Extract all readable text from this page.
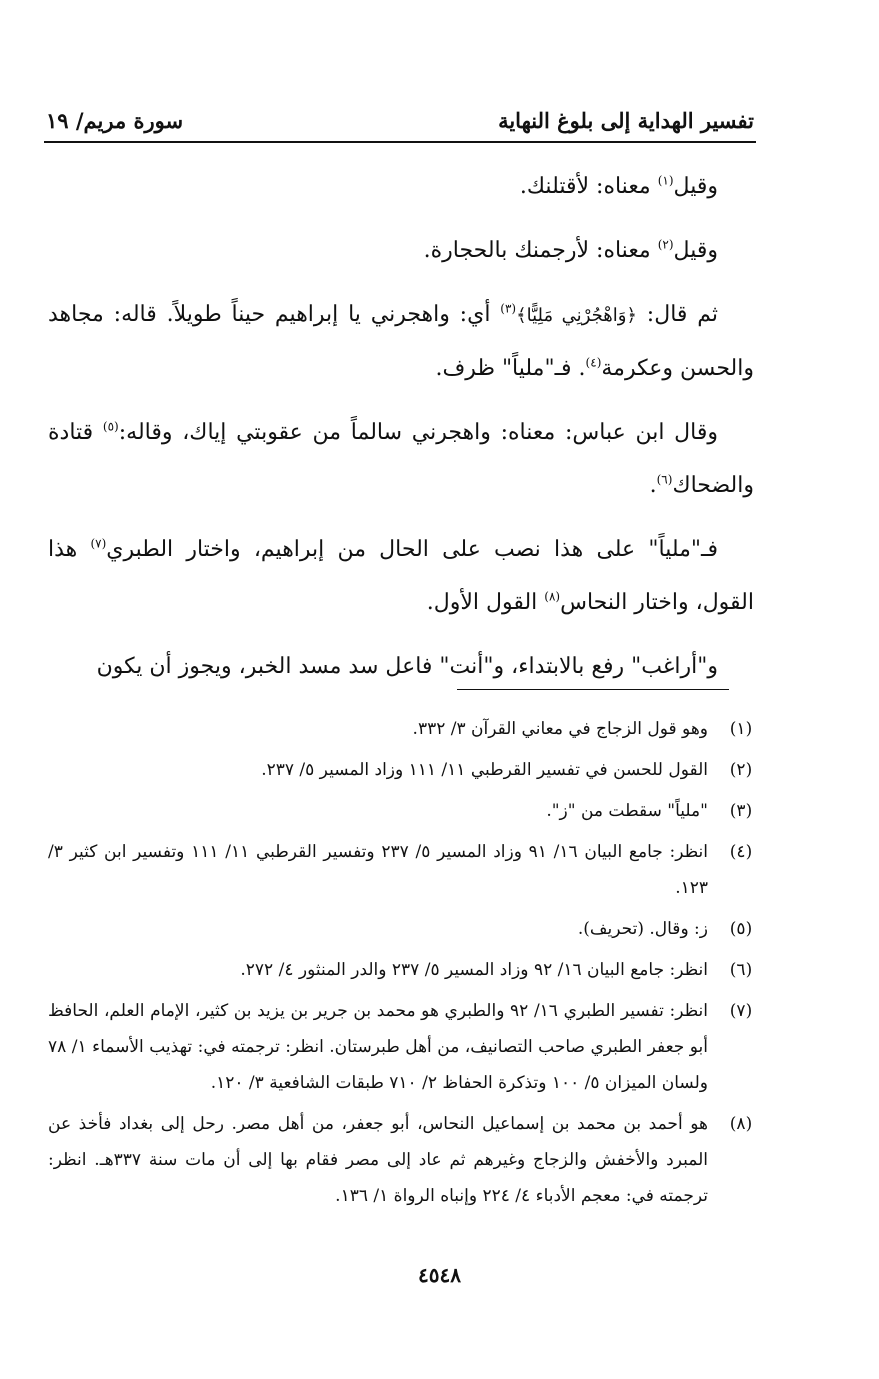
تفسير الهداية إلى بلوغ النهاية
سورة مريم/ ١٩

وقيل$^{(١)}$ معناه: لأقتلنك.

وقيل$^{(٢)}$ معناه: لأرجمنك بالحجارة.

ثم قال: ﴿وَاهْجُرْنِي مَلِيًّا﴾$^{(٣)}$ أي: واهجرني يا إبراهيم حيناً طويلاً. قاله: مجاهد والحسن وعكرمة$^{(٤)}$. فـ"ملياً" ظرف.

وقال ابن عباس: معناه: واهجرني سالماً من عقوبتي إياك، وقاله:$^{(٥)}$ قتادة والضحاك$^{(٦)}$.

فـ"ملياً" على هذا نصب على الحال من إبراهيم، واختار الطبري$^{(٧)}$ هذا القول، واختار النحاس$^{(٨)}$ القول الأول.

و"أراغب" رفع بالابتداء، و"أنت" فاعل سد مسد الخبر، ويجوز أن يكون

(١)
وهو قول الزجاج في معاني القرآن ٣/ ٣٣٢.
(٢)
القول للحسن في تفسير القرطبي ١١/ ١١١ وزاد المسير ٥/ ٢٣٧.
(٣)
"ملياً" سقطت من "ز".
(٤)
انظر: جامع البيان ١٦/ ٩١ وزاد المسير ٥/ ٢٣٧ وتفسير القرطبي ١١/ ١١١ وتفسير ابن كثير ٣/ ١٢٣.
(٥)
ز: وقال. (تحريف).
(٦)
انظر: جامع البيان ١٦/ ٩٢ وزاد المسير ٥/ ٢٣٧ والدر المنثور ٤/ ٢٧٢.
(٧)
انظر: تفسير الطبري ١٦/ ٩٢ والطبري هو محمد بن جرير بن يزيد بن كثير، الإمام العلم، الحافظ أبو جعفر الطبري صاحب التصانيف، من أهل طبرستان. انظر: ترجمته في: تهذيب الأسماء ١/ ٧٨ ولسان الميزان ٥/ ١٠٠ وتذكرة الحفاظ ٢/ ٧١٠ طبقات الشافعية ٣/ ١٢٠.
(٨)
هو أحمد بن محمد بن إسماعيل النحاس، أبو جعفر، من أهل مصر. رحل إلى بغداد فأخذ عن المبرد والأخفش والزجاج وغيرهم ثم عاد إلى مصر فقام بها إلى أن مات سنة ٣٣٧هـ. انظر: ترجمته في: معجم الأدباء ٤/ ٢٢٤ وإنباه الرواة ١/ ١٣٦.
٤٥٤٨
